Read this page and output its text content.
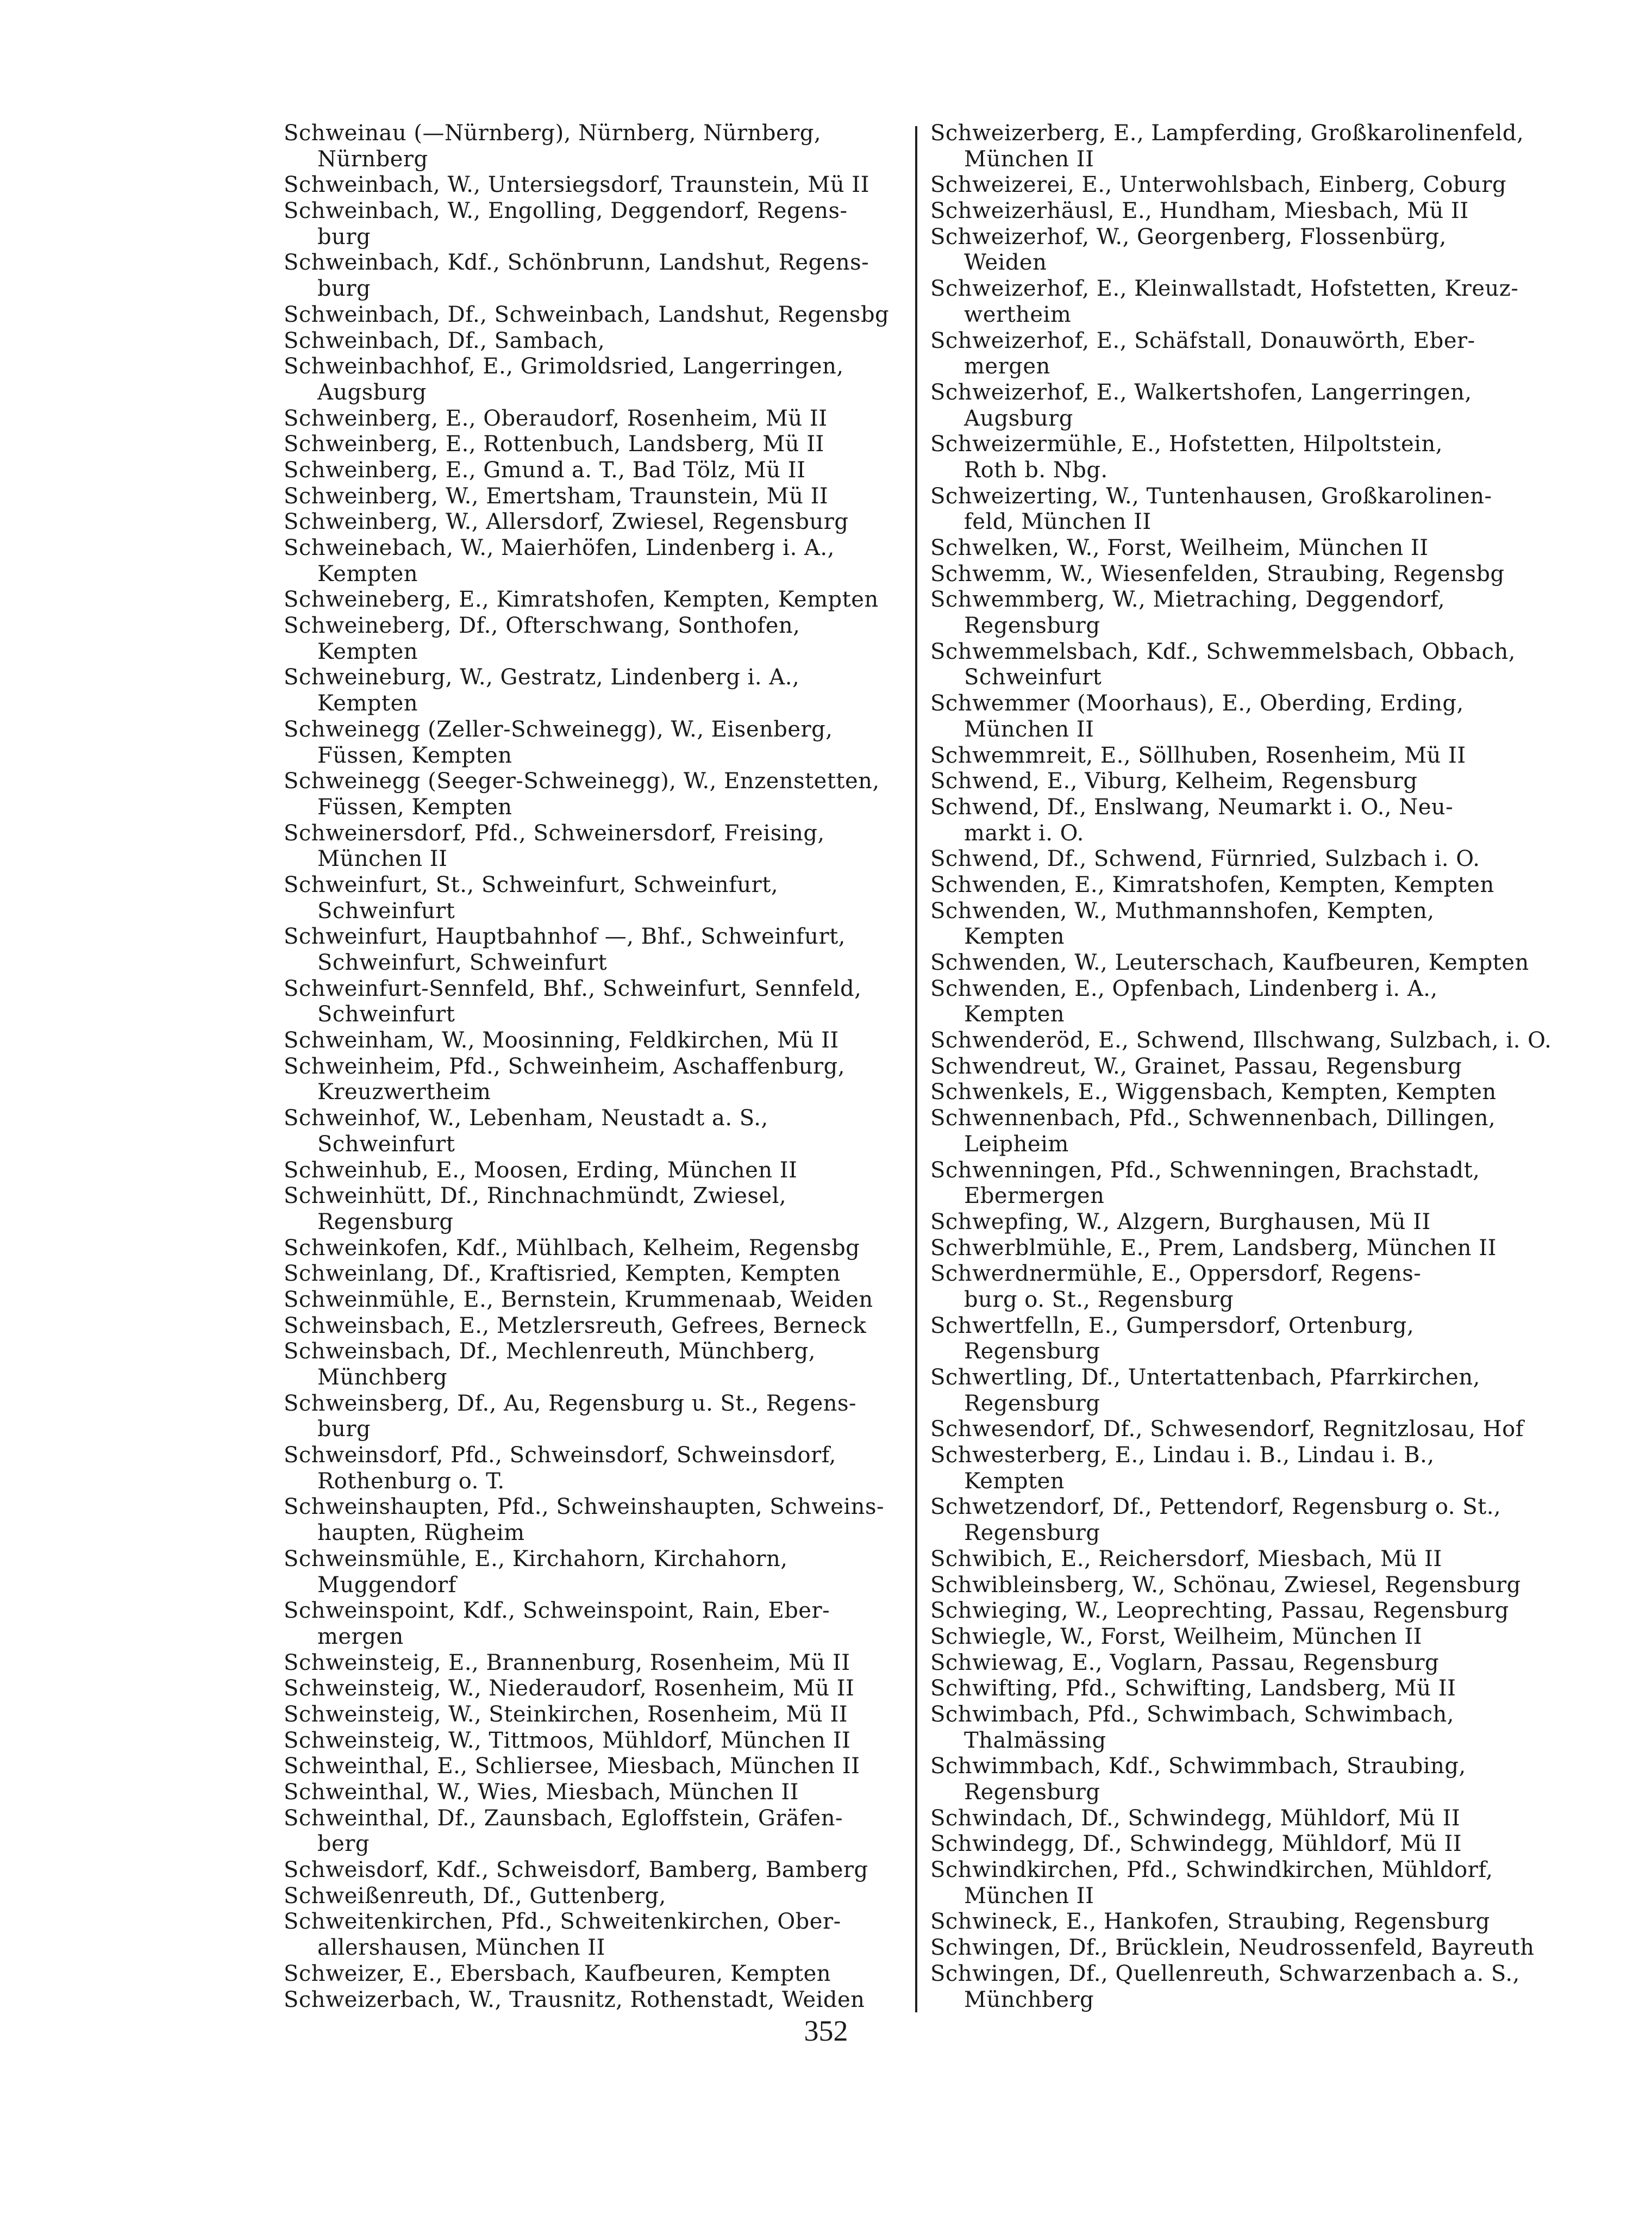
Schweinau (—Nürnberg), Nürnberg, Nürnberg,
Nürnberg
Schweinbach, W., Untersiegsdorf, Traunstein, Mü II
Schweinbach, W., Engolling, Deggendorf, Regens-
burg
Schweinbach, Kdf., Schönbrunn, Landshut, Regens-
burg
Schweinbach, Df., Schweinbach, Landshut, Regensbg
Schweinbach, Df., Sambach,
Schweinbachhof, E., Grimoldsried, Langerringen,
Augsburg
Schweinberg, E., Oberaudorf, Rosenheim, Mü II
Schweinberg, E., Rottenbuch, Landsberg, Mü II
Schweinberg, E., Gmund a. T., Bad Tölz, Mü II
Schweinberg, W., Emertsham, Traunstein, Mü II
Schweinberg, W., Allersdorf, Zwiesel, Regensburg
Schweinebach, W., Maierhöfen, Lindenberg i. A.,
Kempten
Schweineberg, E., Kimratshofen, Kempten, Kempten
Schweineberg, Df., Ofterschwang, Sonthofen,
Kempten
Schweineburg, W., Gestratz, Lindenberg i. A.,
Kempten
Schweinegg (Zeller-Schweinegg), W., Eisenberg,
Füssen, Kempten
Schweinegg (Seeger-Schweinegg), W., Enzenstetten,
Füssen, Kempten
Schweinersdorf, Pfd., Schweinersdorf, Freising,
München II
Schweinfurt, St., Schweinfurt, Schweinfurt,
Schweinfurt
Schweinfurt, Hauptbahnhof —, Bhf., Schweinfurt,
Schweinfurt, Schweinfurt
Schweinfurt-Sennfeld, Bhf., Schweinfurt, Sennfeld,
Schweinfurt
Schweinham, W., Moosinning, Feldkirchen, Mü II
Schweinheim, Pfd., Schweinheim, Aschaffenburg,
Kreuzwertheim
Schweinhof, W., Lebenham, Neustadt a. S.,
Schweinfurt
Schweinhub, E., Moosen, Erding, München II
Schweinhütt, Df., Rinchnachmündt, Zwiesel,
Regensburg
Schweinkofen, Kdf., Mühlbach, Kelheim, Regensbg
Schweinlang, Df., Kraftisried, Kempten, Kempten
Schweinmühle, E., Bernstein, Krummenaab, Weiden
Schweinsbach, E., Metzlersreuth, Gefrees, Berneck
Schweinsbach, Df., Mechlenreuth, Münchberg,
Münchberg
Schweinsberg, Df., Au, Regensburg u. St., Regens-
burg
Schweinsdorf, Pfd., Schweinsdorf, Schweinsdorf,
Rothenburg o. T.
Schweinshaupten, Pfd., Schweinshaupten, Schweins-
haupten, Rügheim
Schweinsmühle, E., Kirchahorn, Kirchahorn,
Muggendorf
Schweinspoint, Kdf., Schweinspoint, Rain, Eber-
mergen
Schweinsteig, E., Brannenburg, Rosenheim, Mü II
Schweinsteig, W., Niederaudorf, Rosenheim, Mü II
Schweinsteig, W., Steinkirchen, Rosenheim, Mü II
Schweinsteig, W., Tittmoos, Mühldorf, München II
Schweinthal, E., Schliersee, Miesbach, München II
Schweinthal, W., Wies, Miesbach, München II
Schweinthal, Df., Zaunsbach, Egloffstein, Gräfen-
berg
Schweisdorf, Kdf., Schweisdorf, Bamberg, Bamberg
Schweißenreuth, Df., Guttenberg,
Schweitenkirchen, Pfd., Schweitenkirchen, Ober-
allershausen, München II
Schweizer, E., Ebersbach, Kaufbeuren, Kempten
Schweizerbach, W., Trausnitz, Rothenstadt, Weiden
Schweizerberg, E., Lampferding, Großkarolinenfeld,
München II
Schweizerei, E., Unterwohlsbach, Einberg, Coburg
Schweizerhäusl, E., Hundham, Miesbach, Mü II
Schweizerhof, W., Georgenberg, Flossenbürg,
Weiden
Schweizerhof, E., Kleinwallstadt, Hofstetten, Kreuz-
wertheim
Schweizerhof, E., Schäfstall, Donauwörth, Eber-
mergen
Schweizerhof, E., Walkertshofen, Langerringen,
Augsburg
Schweizermühle, E., Hofstetten, Hilpoltstein,
Roth b. Nbg.
Schweizerting, W., Tuntenhausen, Großkarolinen-
feld, München II
Schwelken, W., Forst, Weilheim, München II
Schwemm, W., Wiesenfelden, Straubing, Regensbg
Schwemmberg, W., Mietraching, Deggendorf,
Regensburg
Schwemmelsbach, Kdf., Schwemmelsbach, Obbach,
Schweinfurt
Schwemmer (Moorhaus), E., Oberding, Erding,
München II
Schwemmreit, E., Söllhuben, Rosenheim, Mü II
Schwend, E., Viburg, Kelheim, Regensburg
Schwend, Df., Enslwang, Neumarkt i. O., Neu-
markt i. O.
Schwend, Df., Schwend, Fürnried, Sulzbach i. O.
Schwenden, E., Kimratshofen, Kempten, Kempten
Schwenden, W., Muthmannshofen, Kempten,
Kempten
Schwenden, W., Leuterschach, Kaufbeuren, Kempten
Schwenden, E., Opfenbach, Lindenberg i. A.,
Kempten
Schwenderöd, E., Schwend, Illschwang, Sulzbach, i. O.
Schwendreut, W., Grainet, Passau, Regensburg
Schwenkels, E., Wiggensbach, Kempten, Kempten
Schwennenbach, Pfd., Schwennenbach, Dillingen,
Leipheim
Schwenningen, Pfd., Schwenningen, Brachstadt,
Ebermergen
Schwepfing, W., Alzgern, Burghausen, Mü II
Schwerblmühle, E., Prem, Landsberg, München II
Schwerdnermühle, E., Oppersdorf, Regens-
burg o. St., Regensburg
Schwertfelln, E., Gumpersdorf, Ortenburg,
Regensburg
Schwertling, Df., Untertattenbach, Pfarrkirchen,
Regensburg
Schwesendorf, Df., Schwesendorf, Regnitzlosau, Hof
Schwesterberg, E., Lindau i. B., Lindau i. B.,
Kempten
Schwetzendorf, Df., Pettendorf, Regensburg o. St.,
Regensburg
Schwibich, E., Reichersdorf, Miesbach, Mü II
Schwibleinsberg, W., Schönau, Zwiesel, Regensburg
Schwieging, W., Leoprechting, Passau, Regensburg
Schwiegle, W., Forst, Weilheim, München II
Schwiewag, E., Voglarn, Passau, Regensburg
Schwifting, Pfd., Schwifting, Landsberg, Mü II
Schwimbach, Pfd., Schwimbach, Schwimbach,
Thalmässing
Schwimmbach, Kdf., Schwimmbach, Straubing,
Regensburg
Schwindach, Df., Schwindegg, Mühldorf, Mü II
Schwindegg, Df., Schwindegg, Mühldorf, Mü II
Schwindkirchen, Pfd., Schwindkirchen, Mühldorf,
München II
Schwineck, E., Hankofen, Straubing, Regensburg
Schwingen, Df., Brücklein, Neudrossenfeld, Bayreuth
Schwingen, Df., Quellenreuth, Schwarzenbach a. S.,
Münchberg
352
